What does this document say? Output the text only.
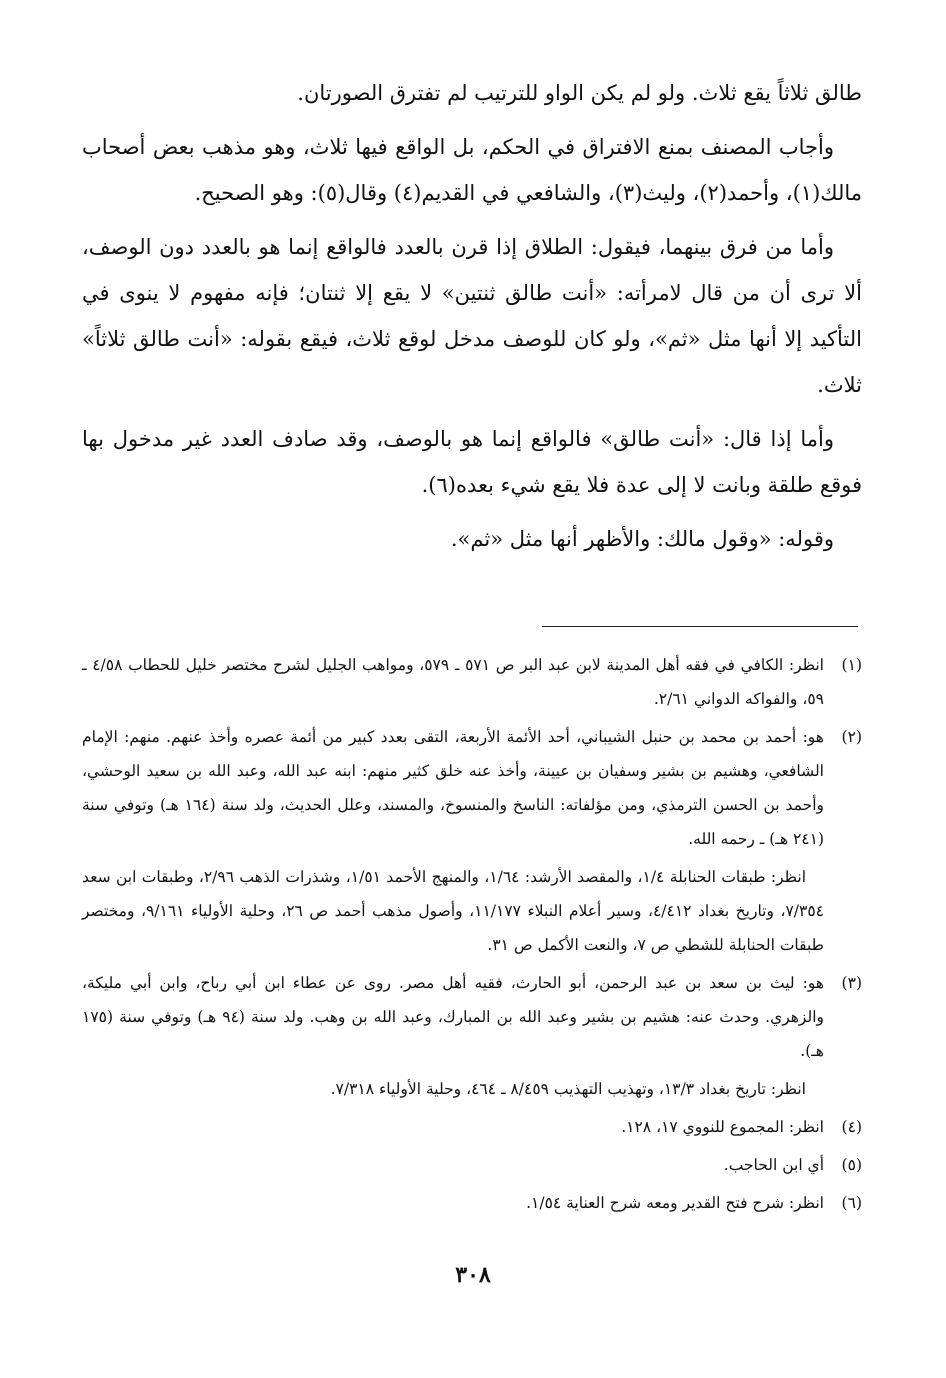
طالق ثلاثاً يقع ثلاث. ولو لم يكن الواو للترتيب لم تفترق الصورتان.

وأجاب المصنف بمنع الافتراق في الحكم، بل الواقع فيها ثلاث، وهو مذهب بعض أصحاب مالك(١)، وأحمد(٢)، وليث(٣)، والشافعي في القديم(٤) وقال(٥): وهو الصحيح.

وأما من فرق بينهما، فيقول: الطلاق إذا قرن بالعدد فالواقع إنما هو بالعدد دون الوصف، ألا ترى أن من قال لامرأته: «أنت طالق ثنتين» لا يقع إلا ثنتان؛ فإنه مفهوم لا ينوى في التأكيد إلا أنها مثل «ثم»، ولو كان للوصف مدخل لوقع ثلاث، فيقع بقوله: «أنت طالق ثلاثاً» ثلاث.

وأما إذا قال: «أنت طالق» فالواقع إنما هو بالوصف، وقد صادف العدد غير مدخول بها فوقع طلقة وبانت لا إلى عدة فلا يقع شيء بعده(٦).

وقوله: «وقول مالك: والأظهر أنها مثل «ثم».

(١)
انظر: الكافي في فقه أهل المدينة لابن عبد البر ص ٥٧١ ـ ٥٧٩، ومواهب الجليل لشرح مختصر خليل للحطاب ٤/٥٨ ـ ٥٩، والفواكه الدواني ٢/٦١.
(٢)
هو: أحمد بن محمد بن حنبل الشيباني، أحد الأئمة الأربعة، التقى بعدد كبير من أئمة عصره وأخذ عنهم. منهم: الإمام الشافعي، وهشيم بن بشير وسفيان بن عيينة، وأخذ عنه خلق كثير منهم: ابنه عبد الله، وعبد الله بن سعيد الوحشي، وأحمد بن الحسن الترمذي، ومن مؤلفاته: الناسخ والمنسوخ، والمسند، وعلل الحديث، ولد سنة (١٦٤ هـ) وتوفي سنة (٢٤١ هـ) ـ رحمه الله.
انظر: طبقات الحنابلة ١/٤، والمقصد الأرشد: ١/٦٤، والمنهج الأحمد ١/٥١، وشذرات الذهب ٢/٩٦، وطبقات ابن سعد ٧/٣٥٤، وتاريخ بغداد ٤/٤١٢، وسير أعلام النبلاء ١١/١٧٧، وأصول مذهب أحمد ص ٢٦، وحلية الأولياء ٩/١٦١، ومختصر طبقات الحنابلة للشطي ص ٧، والنعت الأكمل ص ٣١.
(٣)
هو: ليث بن سعد بن عبد الرحمن، أبو الحارث، فقيه أهل مصر. روى عن عطاء ابن أبي رباح، وابن أبي مليكة، والزهري. وحدث عنه: هشيم بن بشير وعبد الله بن المبارك، وعبد الله بن وهب. ولد سنة (٩٤ هـ) وتوفي سنة (١٧٥ هـ).
انظر: تاريخ بغداد ١٣/٣، وتهذيب التهذيب ٨/٤٥٩ ـ ٤٦٤، وحلية الأولياء ٧/٣١٨.
(٤)
انظر: المجموع للنووي ١٧، ١٢٨.
(٥)
أي ابن الحاجب.
(٦)
انظر: شرح فتح القدير ومعه شرح العناية ١/٥٤.
٣٠٨
